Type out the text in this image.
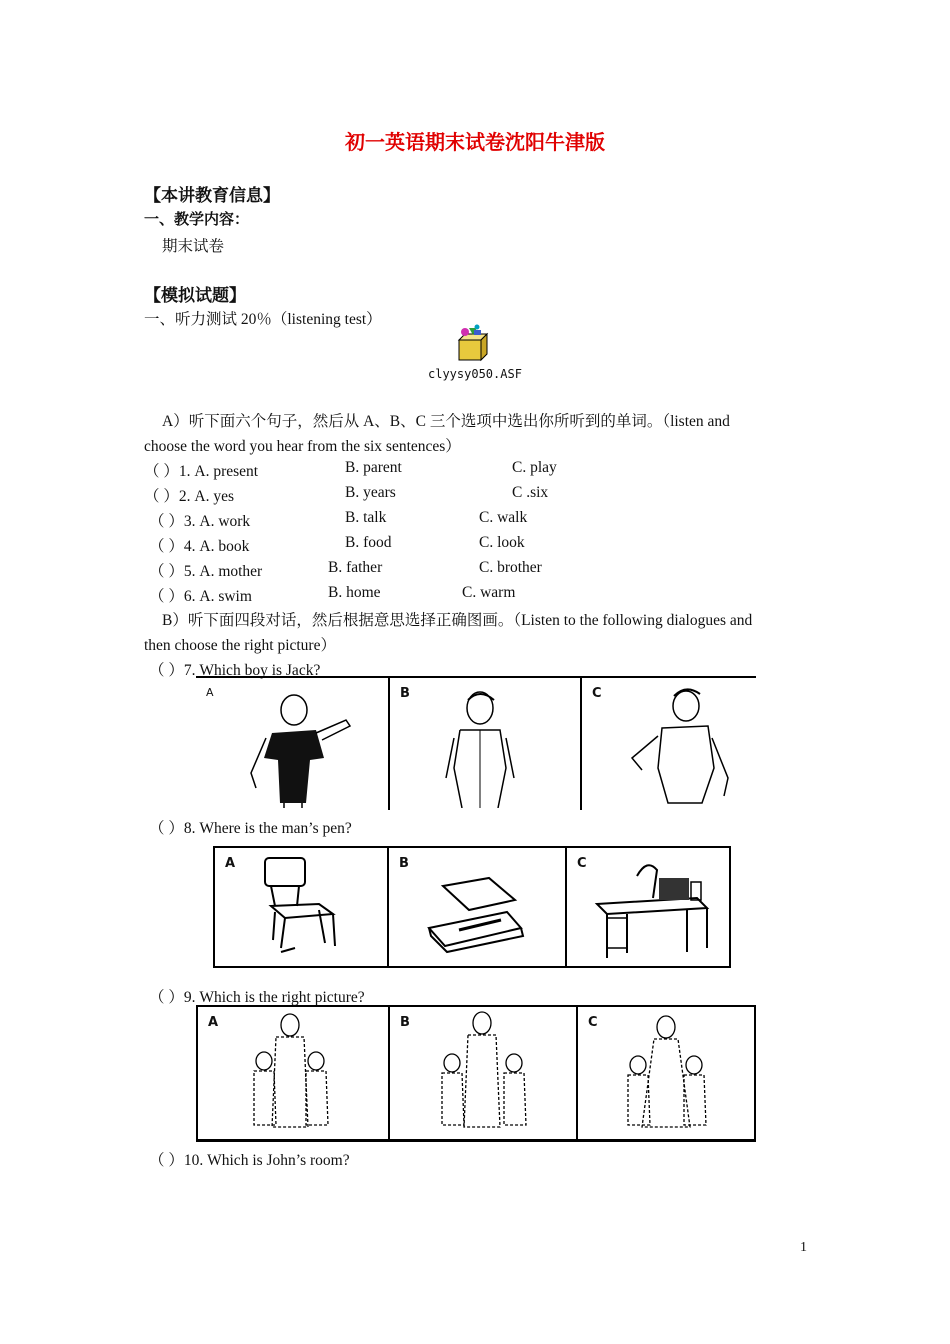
初一英语期末试卷沈阳牛津版
【本讲教育信息】
一、教学内容：
期末试卷
【模拟试题】
一、听力测试 20％（listening test）
clyysy050.ASF
A）听下面六个句子，然后从 A、B、C 三个选项中选出你所听到的单词。（listen and
choose the word you hear from the six sentences）
（ ）1. A. present	B. parent	C. play
（ ）2. A. yes	B. years	C .six
（ ）3. A. work	B. talk	C. walk
（ ）4. A. book	B. food	C. look
（ ）5. A. mother	B. father	C. brother
（ ）6. A. swim	B. home	C. warm
B）听下面四段对话，然后根据意思选择正确图画。（Listen to the following dialogues and
then choose the right picture）
（ ）7. Which boy is Jack?
A	B	C
（ ）8. Where is the man’s pen?
A	B	C
（ ）9. Which is the right picture?
A	B	C
（ ）10. Which is John’s room?
1
